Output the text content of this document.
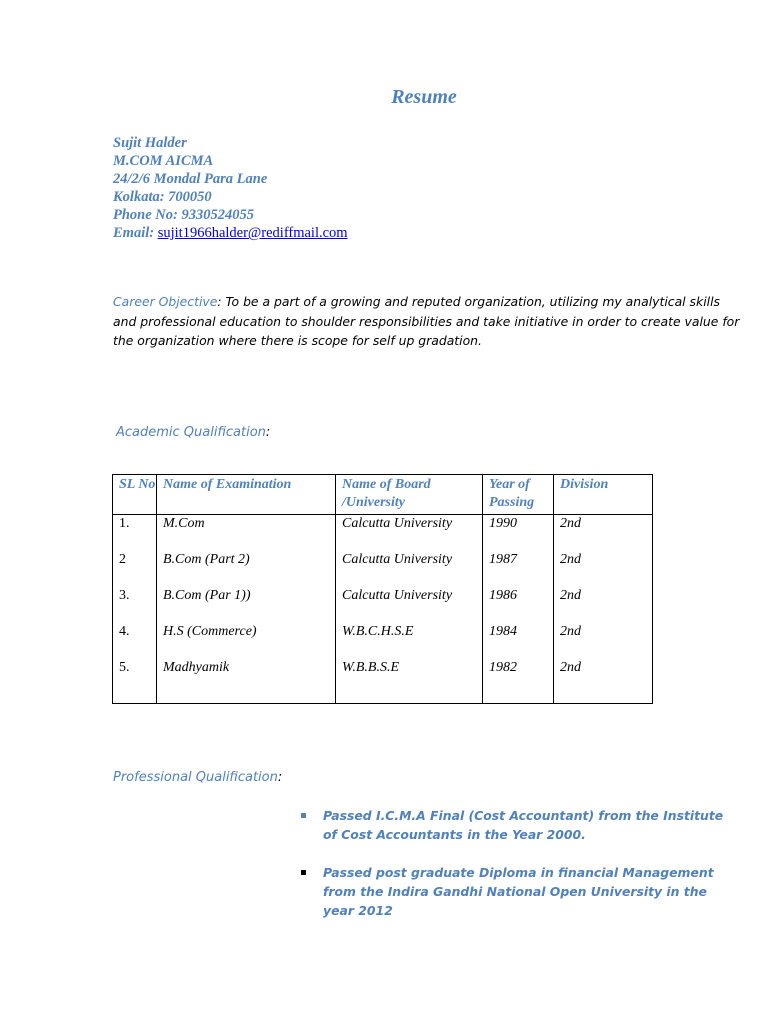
Resume
Sujit Halder
M.COM AICMA
24/2/6 Mondal Para Lane
Kolkata: 700050
Phone No: 9330524055
Email: sujit1966halder@rediffmail.com
Career Objective: To be a part of a growing and reputed organization, utilizing my analytical skills and professional education to shoulder responsibilities and take initiative in order to create value for the organization where there is scope for self up gradation.
Academic Qualification:
SL No	Name of Examination	Name of Board /University	Year of Passing	Division
1.	M.Com	Calcutta University	1990	2nd
2	B.Com (Part 2)	Calcutta University	1987	2nd
3.	B.Com (Par 1))	Calcutta University	1986	2nd
4.	H.S (Commerce)	W.B.C.H.S.E	1984	2nd
5.	Madhyamik	W.B.B.S.E	1982	2nd
Professional Qualification:
Passed I.C.M.A Final (Cost Accountant) from the Institute of Cost Accountants in the Year 2000.
Passed post graduate Diploma in financial Management from the Indira Gandhi National Open University in the year 2012
